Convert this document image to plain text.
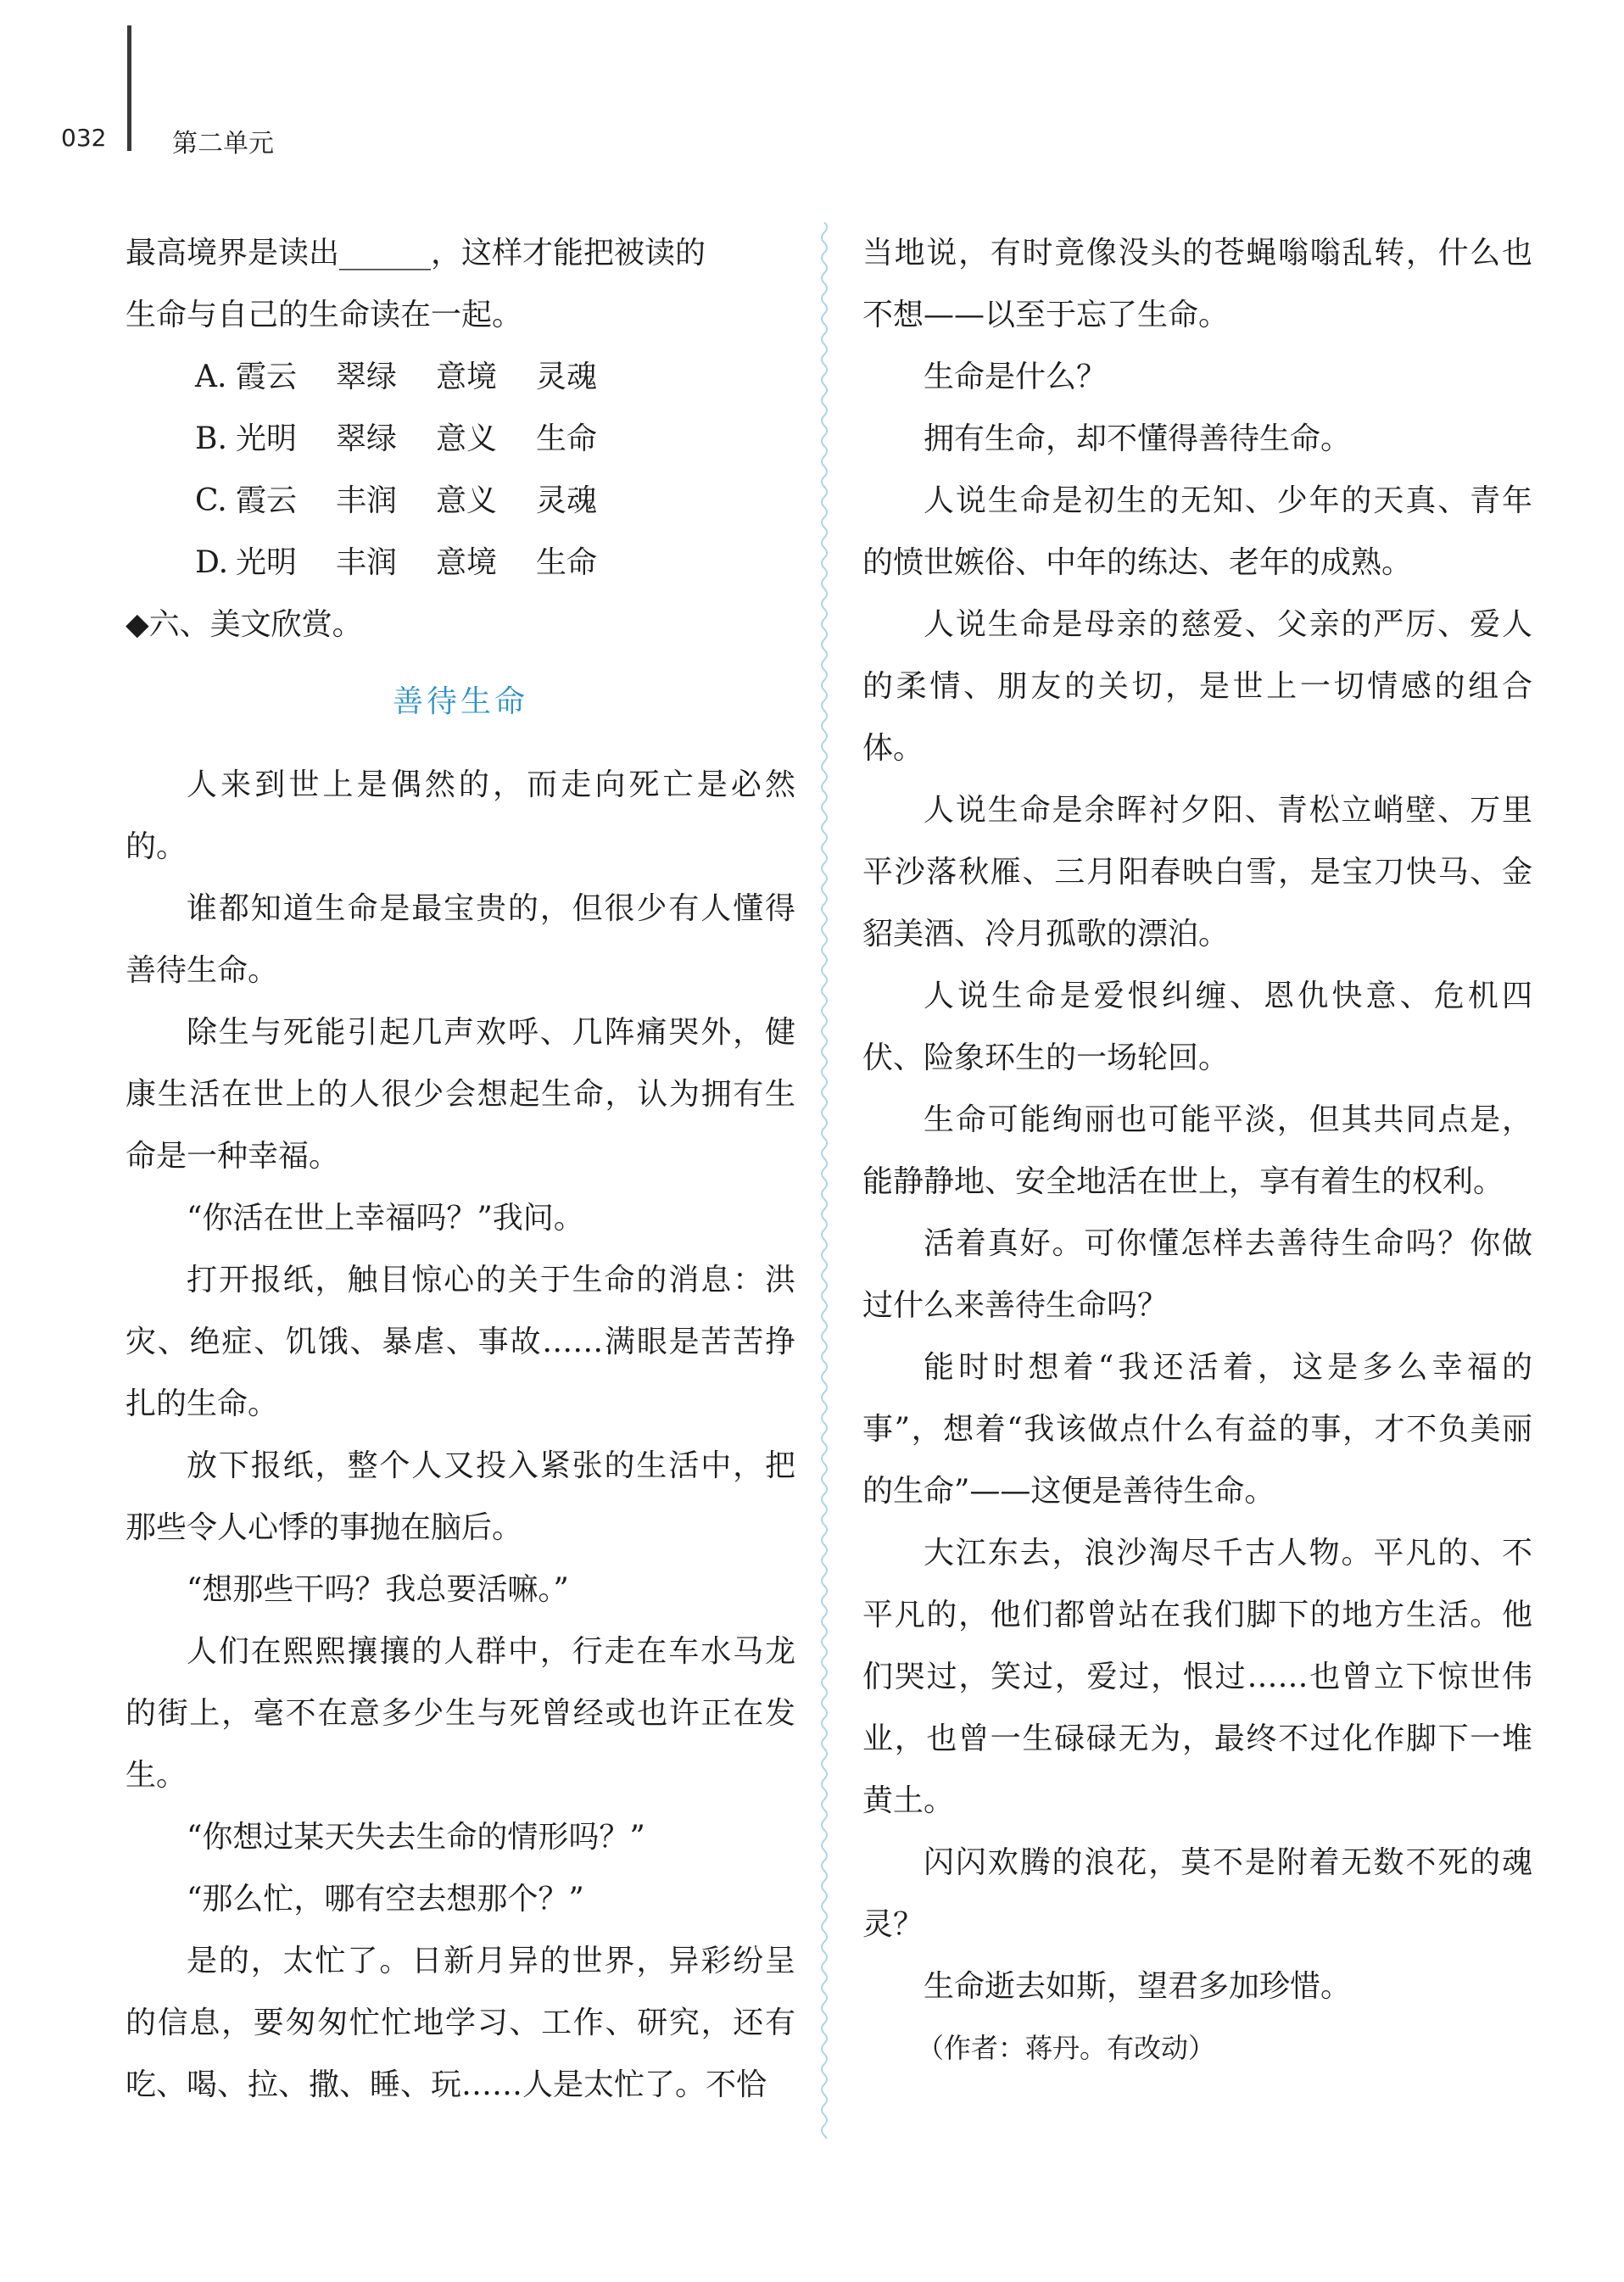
032	第二单元

最高境界是读出______，这样才能把被读的

生命与自己的生命读在一起。

A. 霞云 翠绿 意境 灵魂
B. 光明 翠绿 意义 生命
C. 霞云 丰润 意义 灵魂
D. 光明 丰润 意境 生命

◆六、美文欣赏。

善待生命

人来到世上是偶然的，而走向死亡是必然的。

谁都知道生命是最宝贵的，但很少有人懂得善待生命。

除生与死能引起几声欢呼、几阵痛哭外，健康生活在世上的人很少会想起生命，认为拥有生命是一种幸福。

“你活在世上幸福吗？”我问。

打开报纸，触目惊心的关于生命的消息：洪灾、绝症、饥饿、暴虐、事故……满眼是苦苦挣扎的生命。

放下报纸，整个人又投入紧张的生活中，把那些令人心悸的事抛在脑后。

“想那些干吗？我总要活嘛。”

人们在熙熙攘攘的人群中，行走在车水马龙的街上，毫不在意多少生与死曾经或也许正在发生。

“你想过某天失去生命的情形吗？”

“那么忙，哪有空去想那个？”

是的，太忙了。日新月异的世界，异彩纷呈的信息，要匆匆忙忙地学习、工作、研究，还有吃、喝、拉、撒、睡、玩……人是太忙了。不恰

当地说，有时竟像没头的苍蝇嗡嗡乱转，什么也不想——以至于忘了生命。

生命是什么？

拥有生命，却不懂得善待生命。

人说生命是初生的无知、少年的天真、青年的愤世嫉俗、中年的练达、老年的成熟。

人说生命是母亲的慈爱、父亲的严厉、爱人的柔情、朋友的关切，是世上一切情感的组合体。

人说生命是余晖衬夕阳、青松立峭壁、万里平沙落秋雁、三月阳春映白雪，是宝刀快马、金貂美酒、冷月孤歌的漂泊。

人说生命是爱恨纠缠、恩仇快意、危机四伏、险象环生的一场轮回。

生命可能绚丽也可能平淡，但其共同点是，能静静地、安全地活在世上，享有着生的权利。

活着真好。可你懂怎样去善待生命吗？你做过什么来善待生命吗？

能时时想着“我还活着，这是多么幸福的事”，想着“我该做点什么有益的事，才不负美丽的生命”——这便是善待生命。

大江东去，浪沙淘尽千古人物。平凡的、不平凡的，他们都曾站在我们脚下的地方生活。他们哭过，笑过，爱过，恨过……也曾立下惊世伟业，也曾一生碌碌无为，最终不过化作脚下一堆黄土。

闪闪欢腾的浪花，莫不是附着无数不死的魂灵？

生命逝去如斯，望君多加珍惜。

（作者：蒋丹。有改动）
